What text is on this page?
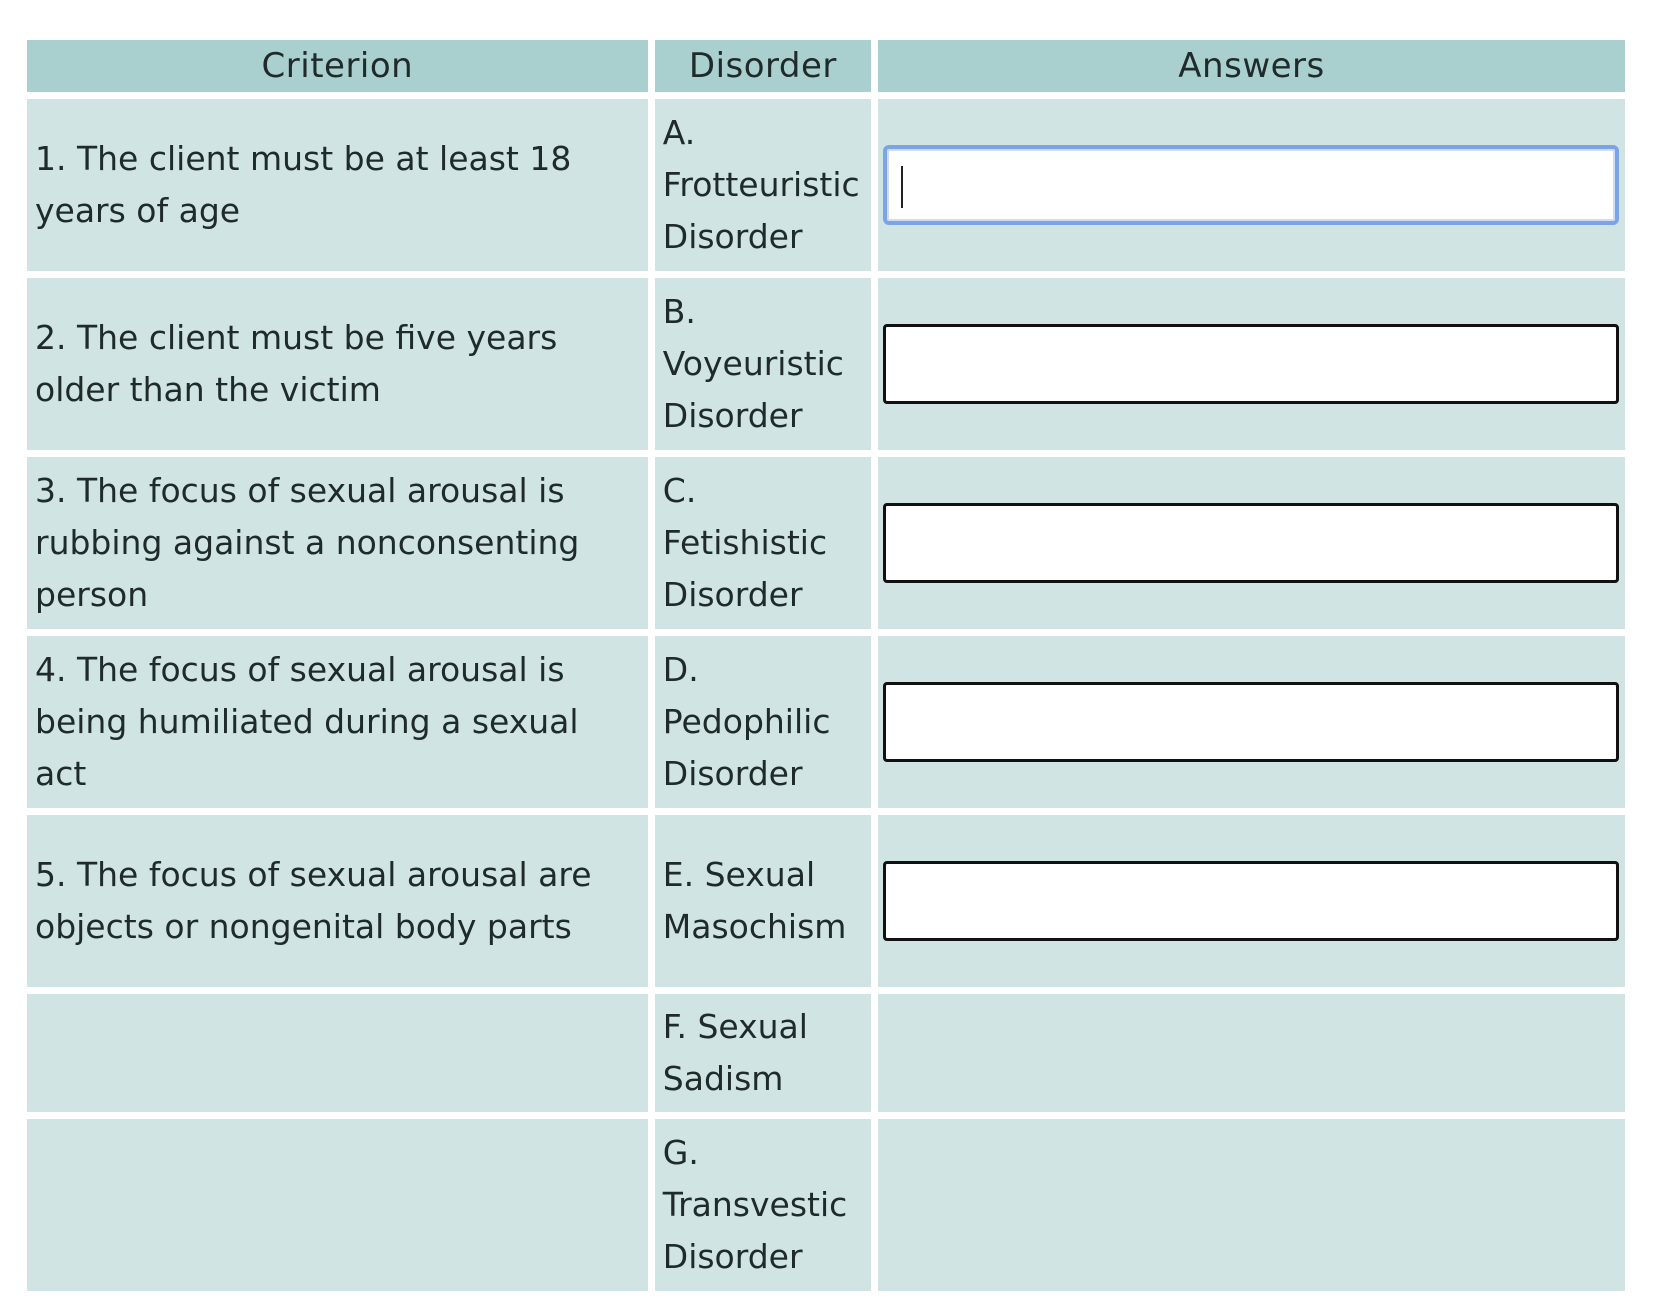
Criterion	Disorder	Answers
1. The client must be at least 18 years of age	A. Frotteuristic Disorder	

2. The client must be five years older than the victim	B. Voyeuristic Disorder	

3. The focus of sexual arousal is rubbing against a nonconsenting person	C. Fetishistic Disorder	

4. The focus of sexual arousal is being humiliated during a sexual act	D. Pedophilic Disorder	

5. The focus of sexual arousal are objects or nongenital body parts	E. Sexual Masochism	

	F. Sexual Sadism	
	G. Transvestic Disorder	
